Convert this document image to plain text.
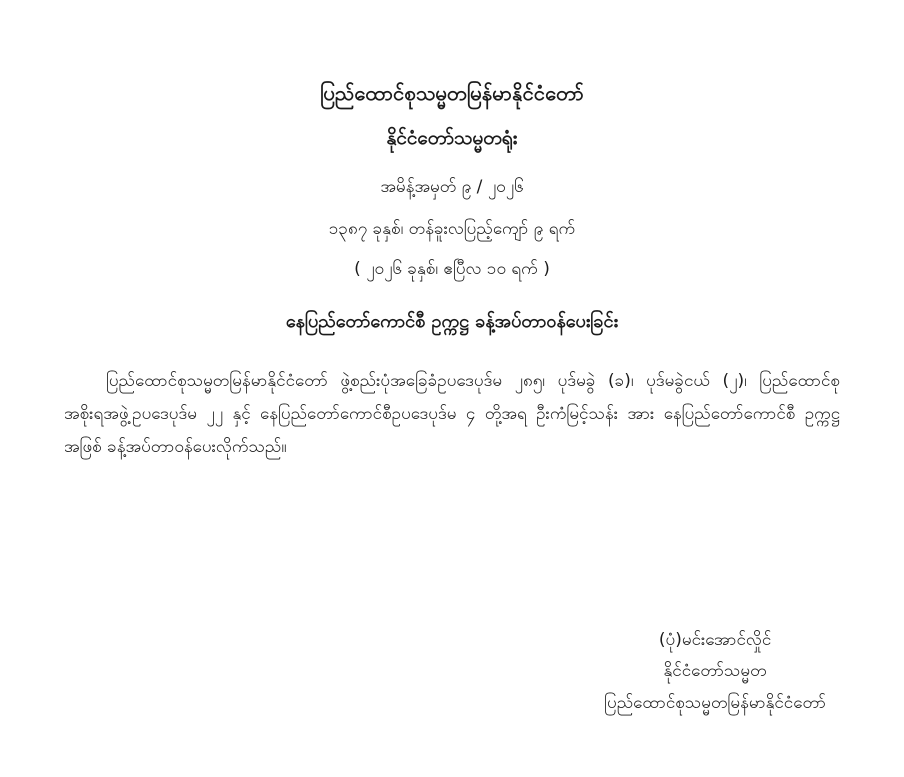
ပြည်‌ထောင်စုသမ္မတမြန်မာနိုင်ငံတော်
နိုင်ငံတော်သမ္မတရုံး
အမိန့်အမှတ် ၉ / ၂၀၂၆
၁၃၈၇ ခုနှစ်၊ တန်ခူးလပြည့်ကျော် ၉ ရက်
( ၂၀၂၆ ခုနှစ်၊ ဧပြီလ ၁၀ ရက် )
နေပြည်တော်ကောင်စီ ဥက္ကဋ္ဌ ခန့်အပ်တာဝန်ပေးခြင်း

ပြည်‌ထောင်စုသမ္မတမြန်မာနိုင်ငံတော် ဖွဲ့စည်းပုံအခြေခံဥပဒေပုဒ်မ ၂၈၅၊ ပုဒ်မခွဲ (ခ)၊ ပုဒ်မခွဲငယ် (၂)၊ ပြည်ထောင်စုအစိုးရအဖွဲ့ဥပဒေပုဒ်မ ၂၂ နှင့် နေပြည်တော်ကောင်စီဥပဒေပုဒ်မ ၄ တို့အရ ဦးကံမြင့်သန်း အား နေပြည်တော်ကောင်စီ ဥက္ကဋ္ဌ အဖြစ် ခန့်အပ်တာဝန်ပေးလိုက်သည်။

(ပုံ)မင်းအောင်လှိုင်
နိုင်ငံတော်သမ္မတ
ပြည်‌ထောင်စုသမ္မတမြန်မာနိုင်ငံတော်
